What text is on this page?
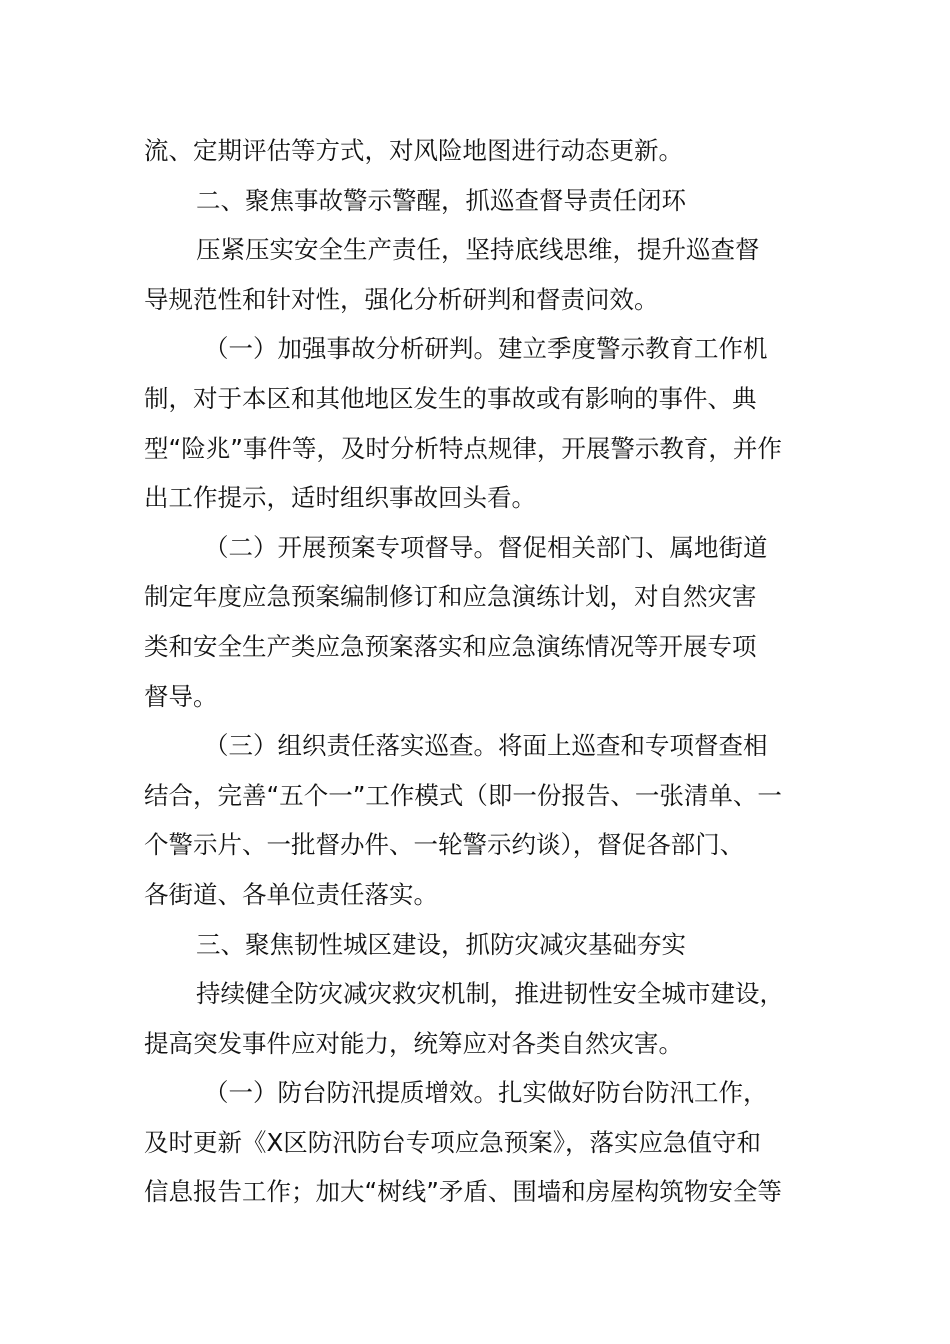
流、定期评估等方式，对风险地图进行动态更新。
二、聚焦事故警示警醒，抓巡查督导责任闭环
压紧压实安全生产责任，坚持底线思维，提升巡查督
导规范性和针对性，强化分析研判和督责问效。
（一）加强事故分析研判。建立季度警示教育工作机
制，对于本区和其他地区发生的事故或有影响的事件、典
型“险兆”事件等，及时分析特点规律，开展警示教育，并作
出工作提示，适时组织事故回头看。
（二）开展预案专项督导。督促相关部门、属地街道
制定年度应急预案编制修订和应急演练计划，对自然灾害
类和安全生产类应急预案落实和应急演练情况等开展专项
督导。
（三）组织责任落实巡查。将面上巡查和专项督查相
结合，完善“五个一”工作模式（即一份报告、一张清单、一
个警示片、一批督办件、一轮警示约谈），督促各部门、
各街道、各单位责任落实。
三、聚焦韧性城区建设，抓防灾减灾基础夯实
持续健全防灾减灾救灾机制，推进韧性安全城市建设，
提高突发事件应对能力，统筹应对各类自然灾害。
（一）防台防汛提质增效。扎实做好防台防汛工作，
及时更新《X区防汛防台专项应急预案》，落实应急值守和
信息报告工作；加大“树线”矛盾、围墙和房屋构筑物安全等
